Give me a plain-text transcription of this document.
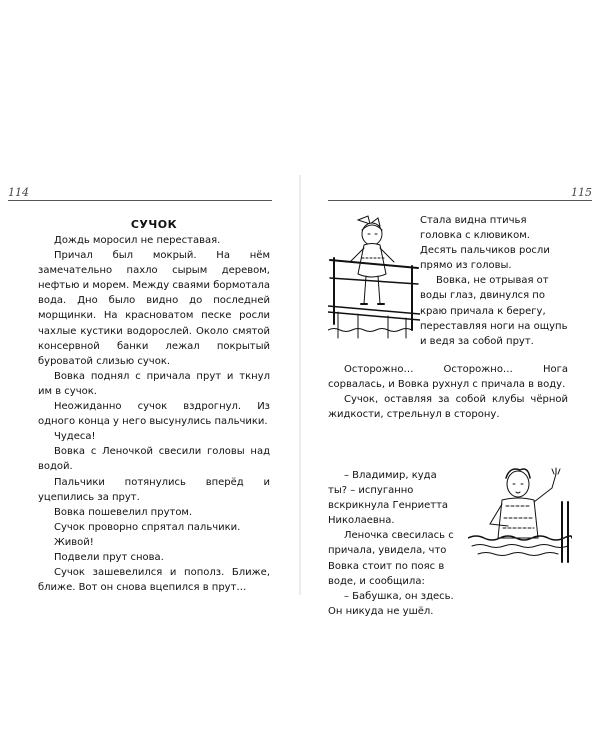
114
СУЧОК

Дождь моросил не переставая.

Причал был мокрый. На нём замечательно пахло сырым деревом, нефтью и морем. Между сваями бормотала вода. Дно было видно до последней морщинки. На красноватом песке росли чахлые кустики водорослей. Около смятой консервной банки лежал покрытый буроватой слизью сучок.

Вовка поднял с причала прут и ткнул им в сучок.

Неожиданно сучок вздрогнул. Из одного конца у него высунулись пальчики.

Чудеса!

Вовка с Леночкой свесили головы над водой.

Пальчики потянулись вперёд и уцепились за прут.

Вовка пошевелил прутом.

Сучок проворно спрятал пальчики.

Живой!

Подвели прут снова.

Сучок зашевелился и пополз. Ближе, ближе. Вот он снова вцепился в прут…

115

Стала видна птичья головка с клювиком. Десять пальчиков росли прямо из головы.

Вовка, не отрывая от воды глаз, двинулся по краю причала к берегу, переставляя ноги на ощупь и ведя за собой прут.

Осторожно… Осторожно… Нога сорвалась, и Вовка рухнул с причала в воду.

Сучок, оставляя за собой клубы чёрной жидкости, стрельнул в сторону.

– Владимир, куда ты? – испуганно вскрикнула Генриетта Николаевна.

Леночка свесилась с причала, увидела, что Вовка стоит по пояс в воде, и сообщила:

– Бабушка, он здесь. Он никуда не ушёл.
